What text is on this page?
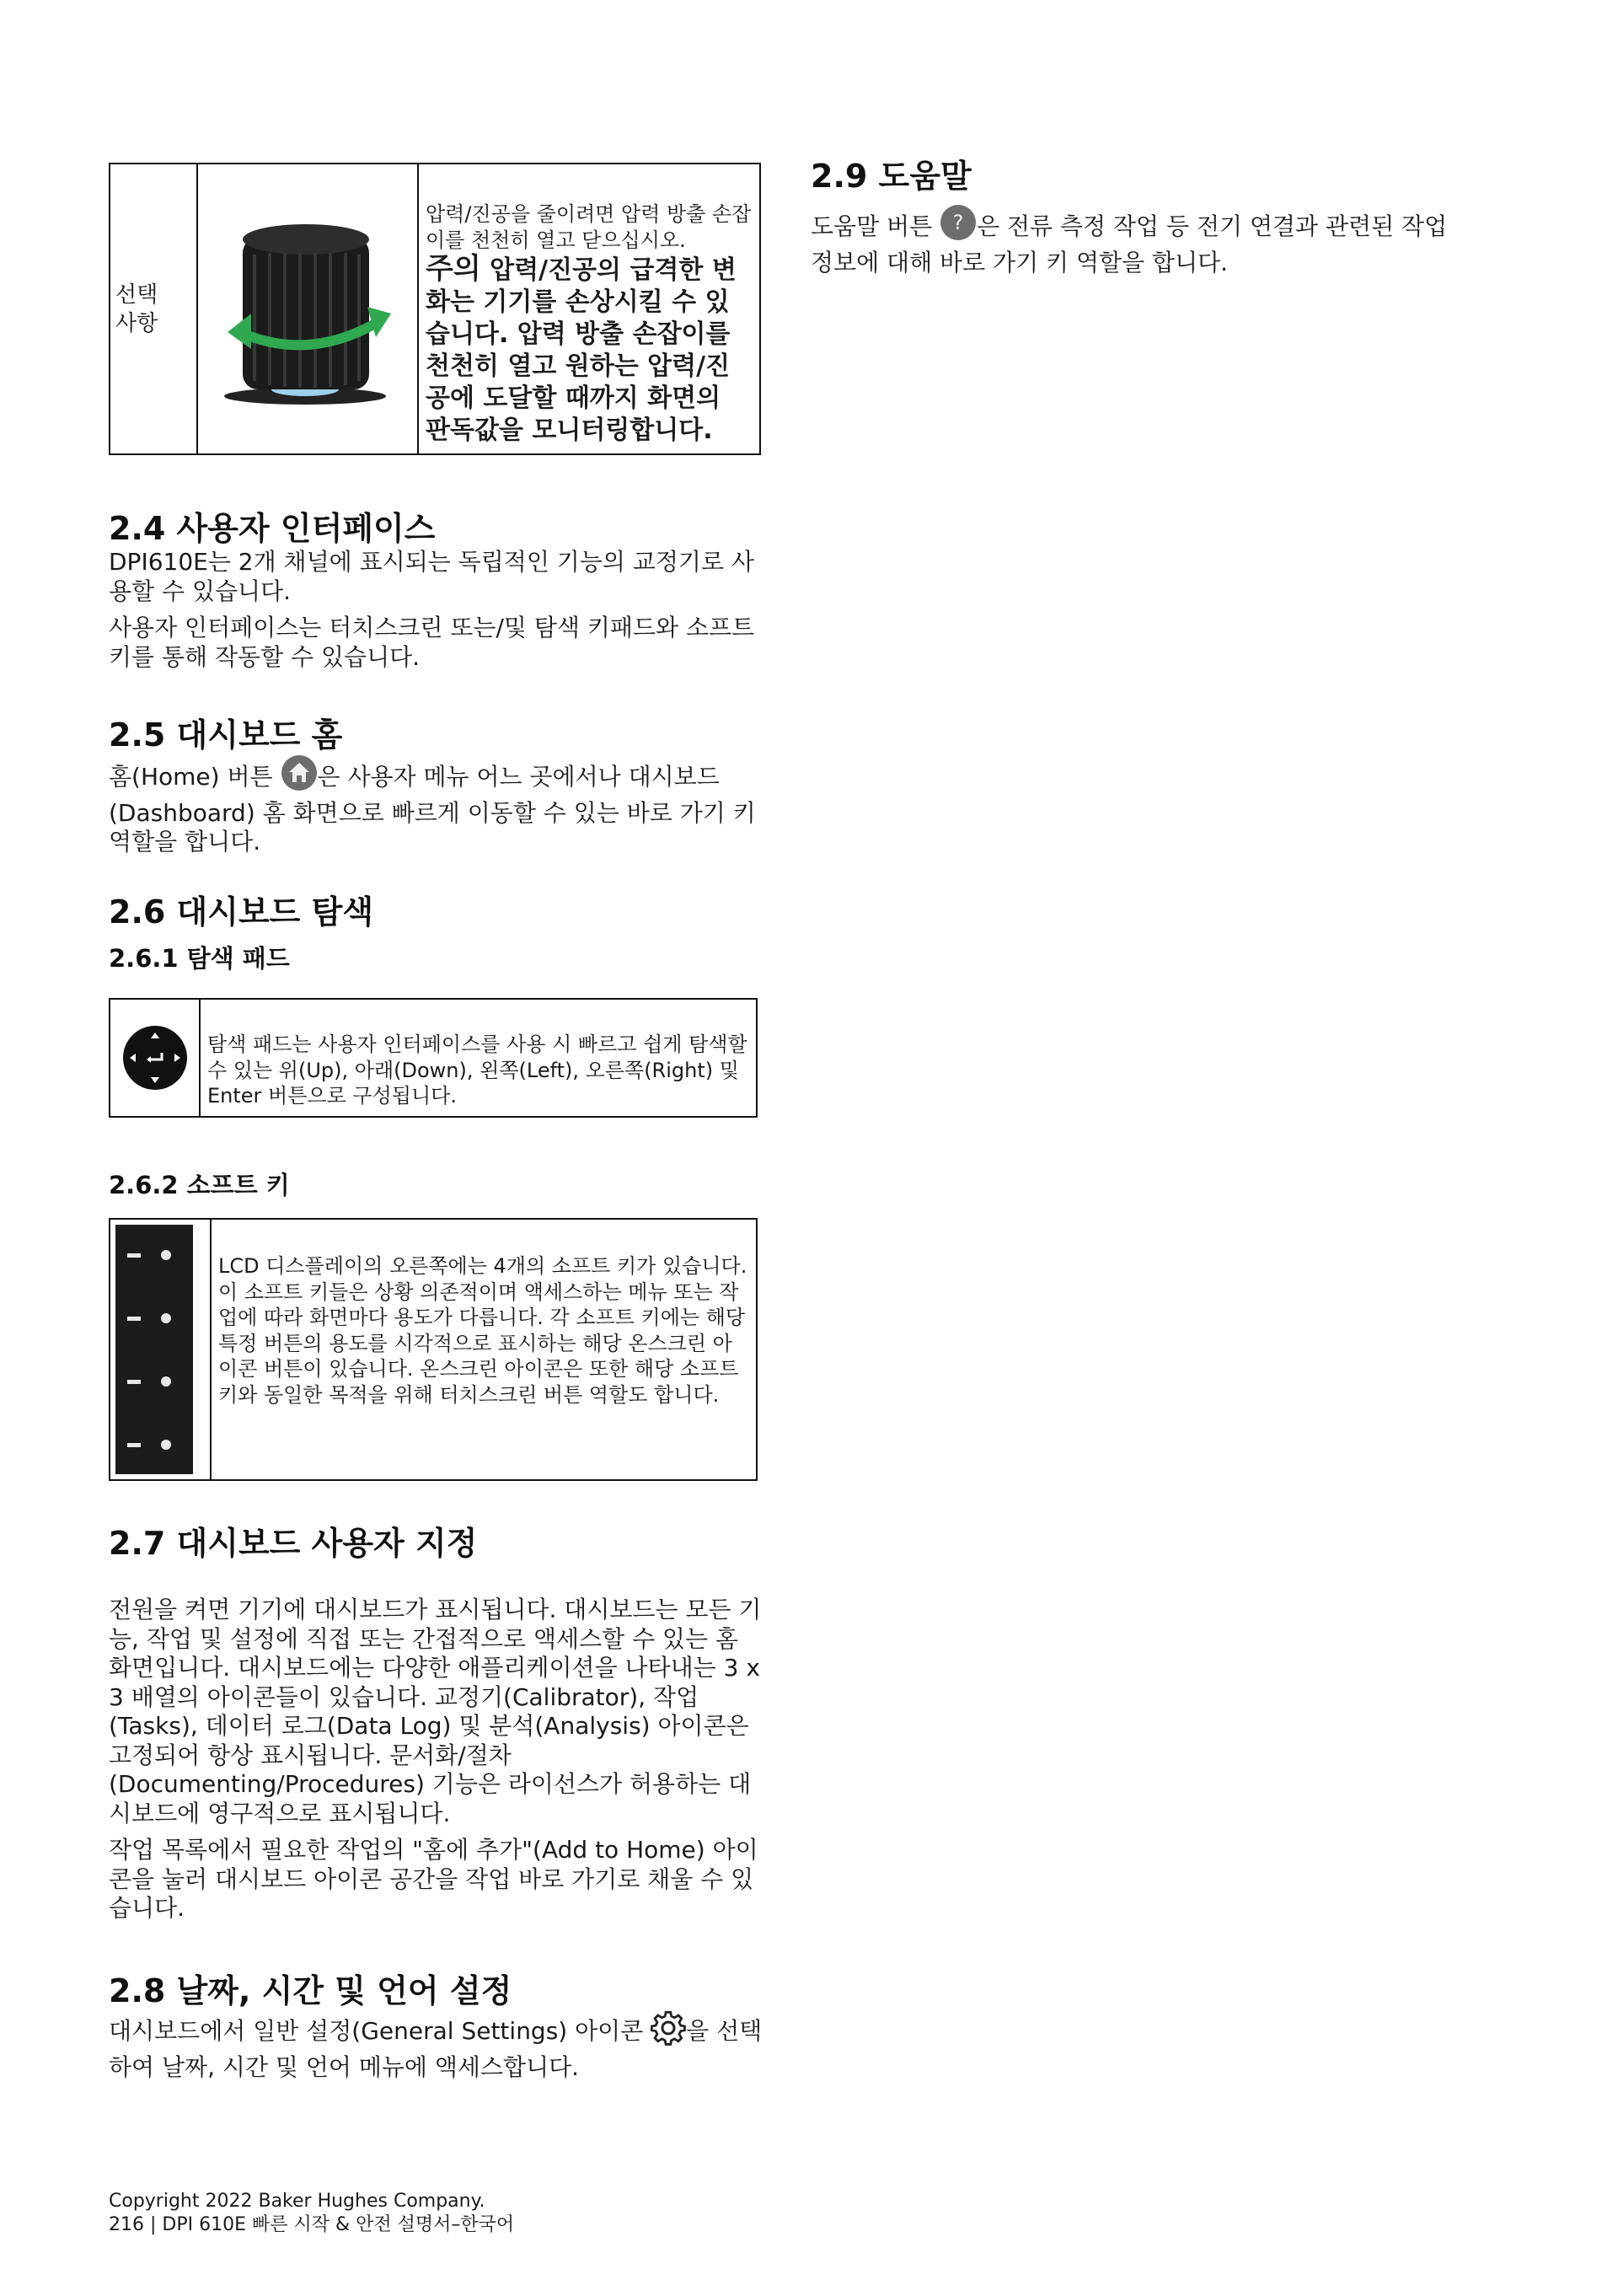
선택
사항

압력/진공을 줄이려면 압력 방출 손잡이를 천천히 열고 닫으십시오.

주의 압력/진공의 급격한 변화는 기기를 손상시킬 수 있습니다. 압력 방출 손잡이를 천천히 열고 원하는 압력/진공에 도달할 때까지 화면의 판독값을 모니터링합니다.

2.4 사용자 인터페이스

DPI610E는 2개 채널에 표시되는 독립적인 기능의 교정기로 사용할 수 있습니다.

사용자 인터페이스는 터치스크린 또는/및 탐색 키패드와 소프트 키를 통해 작동할 수 있습니다.

2.5 대시보드 홈

홈(Home) 버튼 은 사용자 메뉴 어느 곳에서나 대시보드(Dashboard) 홈 화면으로 빠르게 이동할 수 있는 바로 가기 키 역할을 합니다.

2.6 대시보드 탐색
2.6.1 탐색 패드

탐색 패드는 사용자 인터페이스를 사용 시 빠르고 쉽게 탐색할 수 있는 위(Up), 아래(Down), 왼쪽(Left), 오른쪽(Right) 및 Enter 버튼으로 구성됩니다.

2.6.2 소프트 키

LCD 디스플레이의 오른쪽에는 4개의 소프트 키가 있습니다. 이 소프트 키들은 상황 의존적이며 액세스하는 메뉴 또는 작업에 따라 화면마다 용도가 다릅니다. 각 소프트 키에는 해당 특정 버튼의 용도를 시각적으로 표시하는 해당 온스크린 아이콘 버튼이 있습니다. 온스크린 아이콘은 또한 해당 소프트 키와 동일한 목적을 위해 터치스크린 버튼 역할도 합니다.

2.7 대시보드 사용자 지정

전원을 켜면 기기에 대시보드가 표시됩니다. 대시보드는 모든 기능, 작업 및 설정에 직접 또는 간접적으로 액세스할 수 있는 홈 화면입니다. 대시보드에는 다양한 애플리케이션을 나타내는 3 x 3 배열의 아이콘들이 있습니다. 교정기(Calibrator), 작업(Tasks), 데이터 로그(Data Log) 및 분석(Analysis) 아이콘은 고정되어 항상 표시됩니다. 문서화/절차(Documenting/Procedures) 기능은 라이선스가 허용하는 대시보드에 영구적으로 표시됩니다.

작업 목록에서 필요한 작업의 "홈에 추가"(Add to Home) 아이콘을 눌러 대시보드 아이콘 공간을 작업 바로 가기로 채울 수 있습니다.

2.8 날짜, 시간 및 언어 설정

대시보드에서 일반 설정(General Settings) 아이콘 을 선택하여 날짜, 시간 및 언어 메뉴에 액세스합니다.

Copyright 2022 Baker Hughes Company.
216 | DPI 610E 빠른 시작 & 안전 설명서–한국어
2.9 도움말

도움말 버튼 ? 은 전류 측정 작업 등 전기 연결과 관련된 작업 정보에 대해 바로 가기 키 역할을 합니다.
